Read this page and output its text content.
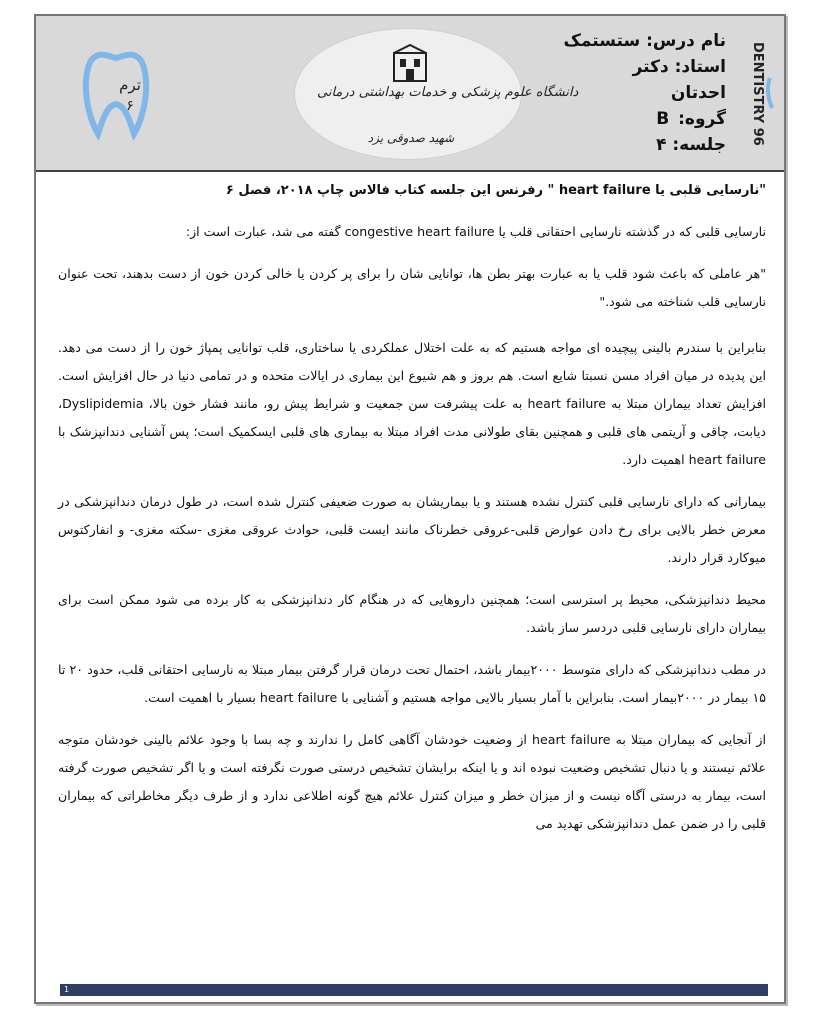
ترم
۶
دانشگاه علوم پزشکی و خدمات بهداشتی درمانی
شهید صدوقی یزد
نام درس: ستستمک
استاد: دکتر
احدتان
گروه: B
جلسه: ۴ DENTISTRY 96

"نارسایی قلبی یا heart failure " رفرنس این جلسه کتاب فالاس چاپ ۲۰۱۸، فصل ۶

نارسایی قلبی که در گذشته نارسایی احتقانی قلب یا congestive heart failure گفته می شد، عبارت است از:

"هر عاملی که باعث شود قلب یا به عبارت بهتر بطن ها، توانایی شان را برای پر کردن یا خالی کردن خون از دست بدهند، تحت عنوان نارسایی قلب شناخته می شود."

بنابراین با سندرم بالینی پیچیده ای مواجه هستیم که به علت اختلال عملکردی یا ساختاری، قلب توانایی پمپاژ خون را از دست می دهد. این پدیده در میان افراد مسن نسبتا شایع است. هم بروز و هم شیوع این بیماری در ایالات متحده و در تمامی دنیا در حال افزایش است. افزایش تعداد بیماران مبتلا به heart failure به علت پیشرفت سن جمعیت و شرایط پیش رو، مانند فشار خون بالا، Dyslipidemia، دیابت، چاقی و آریتمی های قلبی و همچنین بقای طولانی مدت افراد مبتلا به بیماری های قلبی ایسکمیک است؛ پس آشنایی دندانپزشک با heart failure اهمیت دارد.

بیمارانی که دارای نارسایی قلبی کنترل نشده هستند و یا بیماریشان به صورت ضعیفی کنترل شده است، در طول درمان دندانپزشکی در معرض خطر بالایی برای رخ دادن عوارض قلبی-عروقی خطرناک مانند ایست قلبی، حوادث عروقی مغزی -سکته مغزی- و انفارکتوس میوکارد قرار دارند.

محیط دندانپزشکی، محیط پر استرسی است؛ همچنین داروهایی که در هنگام کار دندانپزشکی به کار برده می شود ممکن است برای بیماران دارای نارسایی قلبی دردسر ساز باشد.

در مطب دندانپزشکی که دارای متوسط ۲۰۰۰بیمار باشد، احتمال تحت درمان قرار گرفتن بیمار مبتلا به نارسایی احتقانی قلب، حدود ۲۰ تا ۱۵ بیمار در ۲۰۰۰بیمار است. بنابراین با آمار بسیار بالایی مواجه هستیم و آشنایی با heart failure بسیار با اهمیت است.

از آنجایی که بیماران مبتلا به heart failure از وضعیت خودشان آگاهی کامل را ندارند و چه بسا با وجود علائم بالینی خودشان متوجه علائم نیستند و یا دنبال تشخیص وضعیت نبوده اند و یا اینکه برایشان تشخیص درستی صورت نگرفته است و یا اگر تشخیص صورت گرفته است، بیمار به درستی آگاه نیست و از میزان خطر و میزان کنترل علائم هیچ گونه اطلاعی ندارد و از طرف دیگر مخاطراتی که بیماران قلبی را در ضمن عمل دندانپزشکی تهدید می

1
